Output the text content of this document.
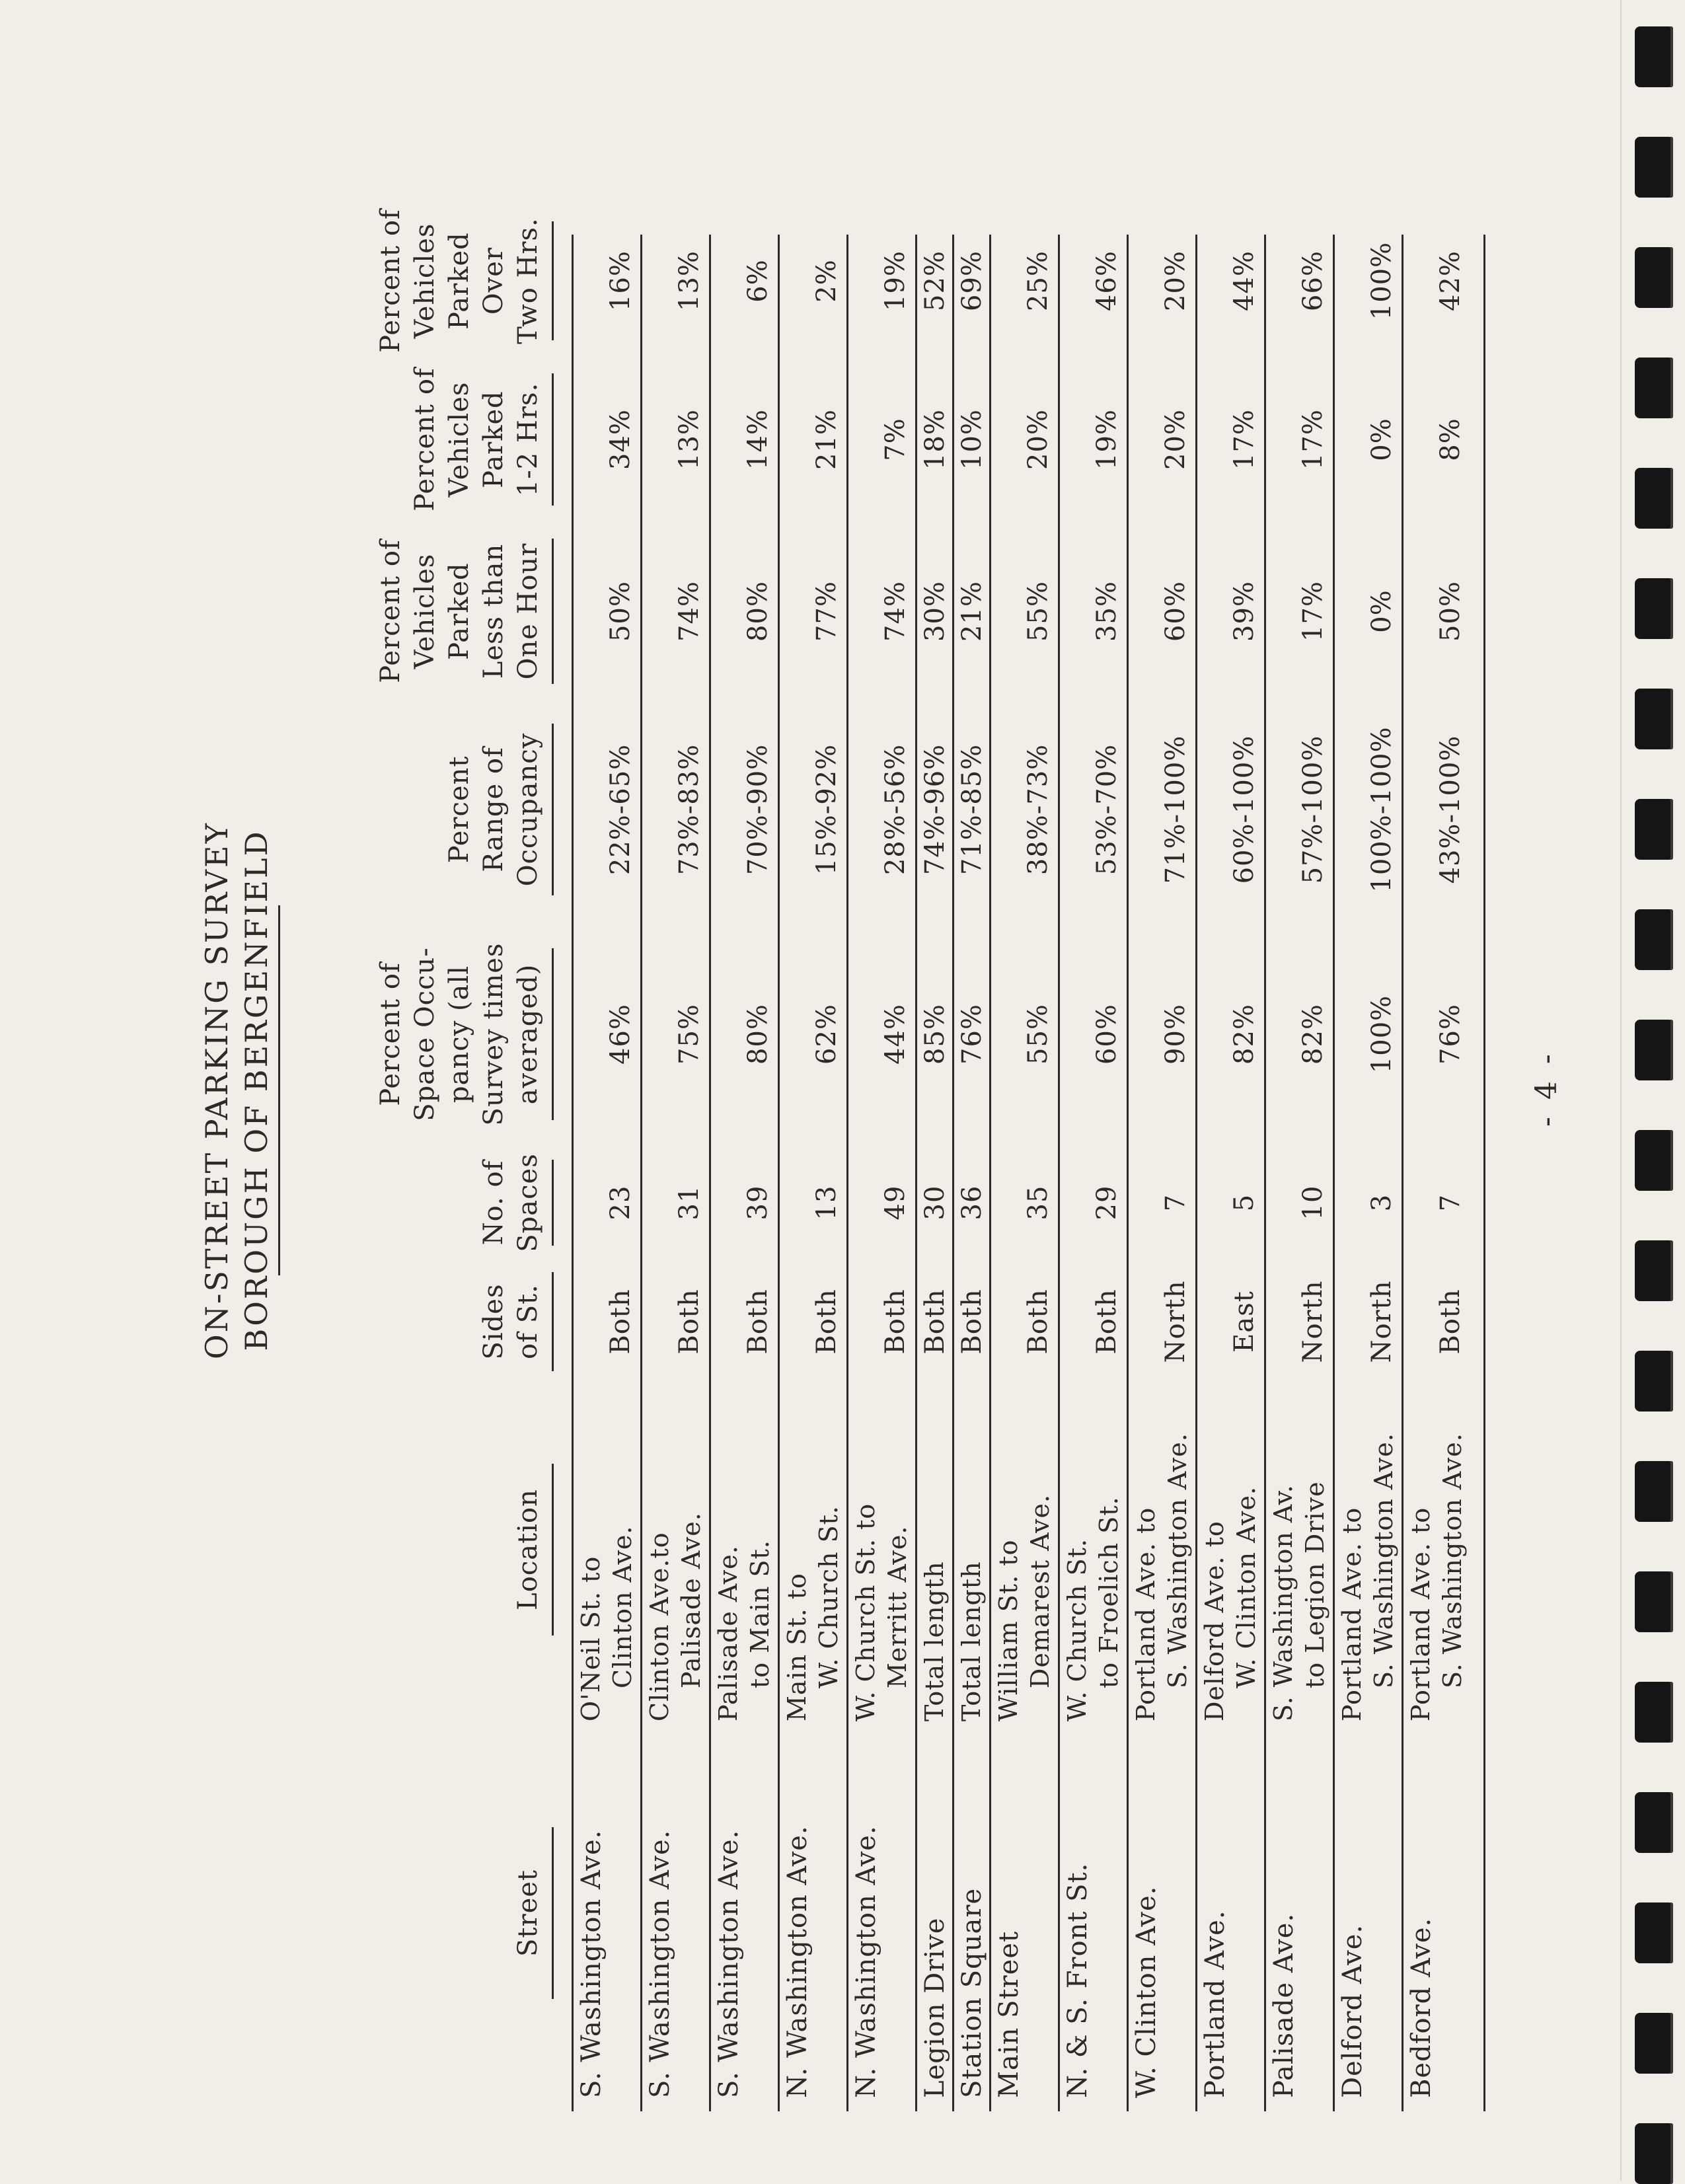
ON-STREET PARKING SURVEY BOROUGH OF BERGENFIELD
Street
Location
Sides of St.
No. of Spaces
Percent of Space Occu- pancy (all Survey times averaged)
Percent Range of Occupancy
Percent of Vehicles Parked Less than One Hour
Percent of Vehicles Parked 1-2 Hrs.
Percent of Vehicles Parked Over Two Hrs.
S. Washington Ave.
O'Neil St. to Clinton Ave.
Both
23
46%
22%-65%
50%
34%
16%
S. Washington Ave.
Clinton Ave.to Palisade Ave.
Both
31
75%
73%-83%
74%
13%
13%
S. Washington Ave.
Palisade Ave. to Main St.
Both
39
80%
70%-90%
80%
14%
6%
N. Washington Ave.
Main St. to W. Church St.
Both
13
62%
15%-92%
77%
21%
2%
N. Washington Ave.
W. Church St. to Merritt Ave.
Both
49
44%
28%-56%
74%
7%
19%
Legion Drive
Total length
Both
30
85%
74%-96%
30%
18%
52%
Station Square
Total length
Both
36
76%
71%-85%
21%
10%
69%
Main Street
William St. to Demarest Ave.
Both
35
55%
38%-73%
55%
20%
25%
N. & S. Front St.
W. Church St. to Froelich St.
Both
29
60%
53%-70%
35%
19%
46%
W. Clinton Ave.
Portland Ave. to S. Washington Ave.
North
7
90%
71%-100%
60%
20%
20%
Portland Ave.
Delford Ave. to W. Clinton Ave.
East
5
82%
60%-100%
39%
17%
44%
Palisade Ave.
S. Washington Av. to Legion Drive
North
10
82%
57%-100%
17%
17%
66%
Delford Ave.
Portland Ave. to S. Washington Ave.
North
3
100%
100%-100%
0%
0%
100%
Bedford Ave.
Portland Ave. to S. Washington Ave.
Both
7
76%
43%-100%
50%
8%
42%
- 4 -
